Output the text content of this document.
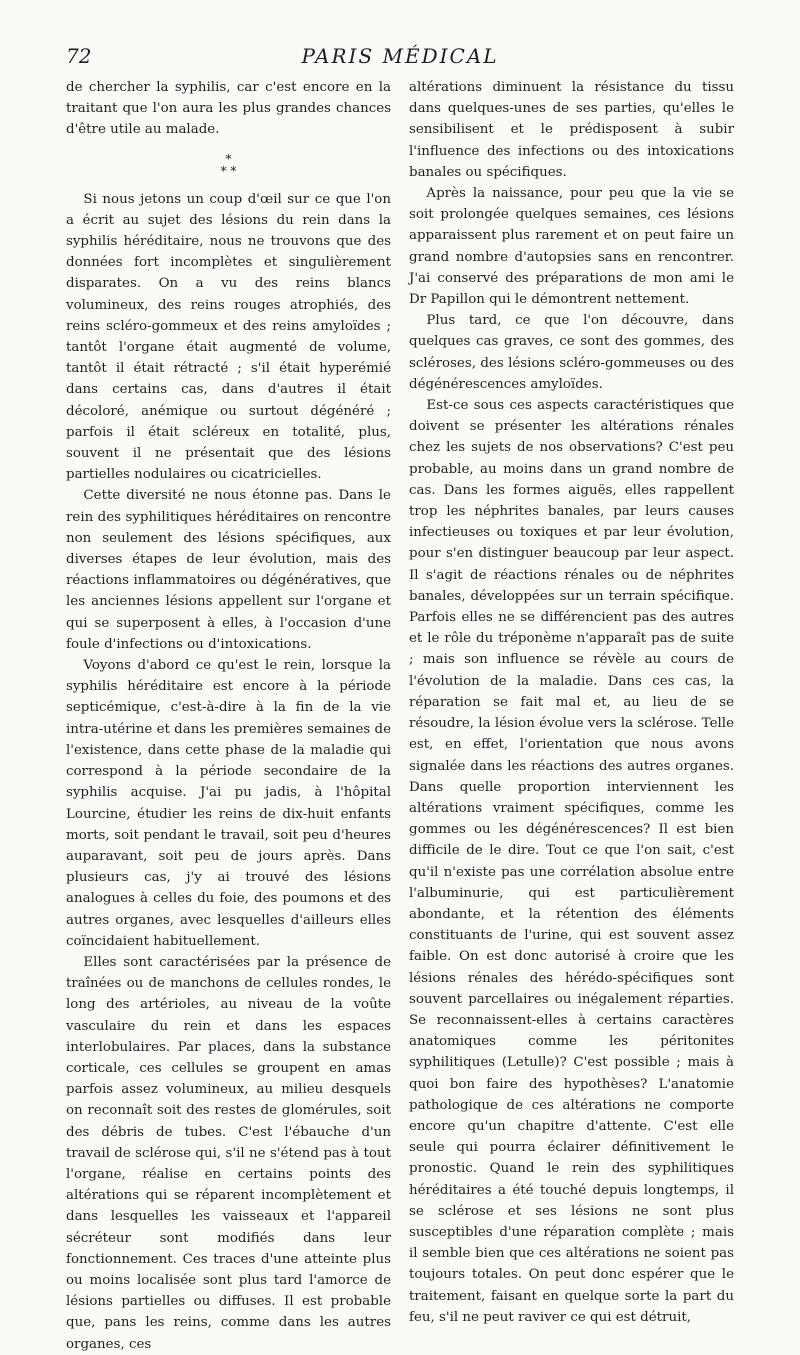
72	PARIS MÉDICAL

de chercher la syphilis, car c'est encore en la traitant que l'on aura les plus grandes chances d'être utile au malade.

*
* *

Si nous jetons un coup d'œil sur ce que l'on a écrit au sujet des lésions du rein dans la syphilis héréditaire, nous ne trouvons que des données fort incomplètes et singulièrement disparates. On a vu des reins blancs volumineux, des reins rouges atrophiés, des reins scléro-gommeux et des reins amyloïdes ; tantôt l'organe était augmenté de volume, tantôt il était rétracté ; s'il était hyperémié dans certains cas, dans d'autres il était décoloré, anémique ou surtout dégénéré ; parfois il était scléreux en totalité, plus, souvent il ne présentait que des lésions partielles nodulaires ou cicatricielles.

Cette diversité ne nous étonne pas. Dans le rein des syphilitiques héréditaires on rencontre non seulement des lésions spécifiques, aux diverses étapes de leur évolution, mais des réactions inflammatoires ou dégénératives, que les anciennes lésions appellent sur l'organe et qui se superposent à elles, à l'occasion d'une foule d'infections ou d'intoxications.

Voyons d'abord ce qu'est le rein, lorsque la syphilis héréditaire est encore à la période septicémique, c'est-à-dire à la fin de la vie intra-utérine et dans les premières semaines de l'existence, dans cette phase de la maladie qui correspond à la période secondaire de la syphilis acquise. J'ai pu jadis, à l'hôpital Lourcine, étudier les reins de dix-huit enfants morts, soit pendant le travail, soit peu d'heures auparavant, soit peu de jours après. Dans plusieurs cas, j'y ai trouvé des lésions analogues à celles du foie, des poumons et des autres organes, avec lesquelles d'ailleurs elles coïncidaient habituellement.

Elles sont caractérisées par la présence de traînées ou de manchons de cellules rondes, le long des artérioles, au niveau de la voûte vasculaire du rein et dans les espaces interlobulaires. Par places, dans la substance corticale, ces cellules se groupent en amas parfois assez volumineux, au milieu desquels on reconnaît soit des restes de glomérules, soit des débris de tubes. C'est l'ébauche d'un travail de sclérose qui, s'il ne s'étend pas à tout l'organe, réalise en certains points des altérations qui se réparent incomplètement et dans lesquelles les vaisseaux et l'appareil sécréteur sont modifiés dans leur fonctionnement. Ces traces d'une atteinte plus ou moins localisée sont plus tard l'amorce de lésions partielles ou diffuses. Il est probable que, pans les reins, comme dans les autres organes, ces

altérations diminuent la résistance du tissu dans quelques-unes de ses parties, qu'elles le sensibilisent et le prédisposent à subir l'influence des infections ou des intoxications banales ou spécifiques.

Après la naissance, pour peu que la vie se soit prolongée quelques semaines, ces lésions apparaissent plus rarement et on peut faire un grand nombre d'autopsies sans en rencontrer. J'ai conservé des préparations de mon ami le Dr Papillon qui le démontrent nettement.

Plus tard, ce que l'on découvre, dans quelques cas graves, ce sont des gommes, des scléroses, des lésions scléro-gommeuses ou des dégénérescences amyloïdes.

Est-ce sous ces aspects caractéristiques que doivent se présenter les altérations rénales chez les sujets de nos observations? C'est peu probable, au moins dans un grand nombre de cas. Dans les formes aiguës, elles rappellent trop les néphrites banales, par leurs causes infectieuses ou toxiques et par leur évolution, pour s'en distinguer beaucoup par leur aspect. Il s'agit de réactions rénales ou de néphrites banales, développées sur un terrain spécifique. Parfois elles ne se différencient pas des autres et le rôle du tréponème n'apparaît pas de suite ; mais son influence se révèle au cours de l'évolution de la maladie. Dans ces cas, la réparation se fait mal et, au lieu de se résoudre, la lésion évolue vers la sclérose. Telle est, en effet, l'orientation que nous avons signalée dans les réactions des autres organes. Dans quelle proportion interviennent les altérations vraiment spécifiques, comme les gommes ou les dégénérescences? Il est bien difficile de le dire. Tout ce que l'on sait, c'est qu'il n'existe pas une corrélation absolue entre l'albuminurie, qui est particulièrement abondante, et la rétention des éléments constituants de l'urine, qui est souvent assez faible. On est donc autorisé à croire que les lésions rénales des hérédo-spécifiques sont souvent parcellaires ou inégalement réparties. Se reconnaissent-elles à certains caractères anatomiques comme les péritonites syphilitiques (Letulle)? C'est possible ; mais à quoi bon faire des hypothèses? L'anatomie pathologique de ces altérations ne comporte encore qu'un chapitre d'attente. C'est elle seule qui pourra éclairer définitivement le pronostic. Quand le rein des syphilitiques héréditaires a été touché depuis longtemps, il se sclérose et ses lésions ne sont plus susceptibles d'une réparation complète ; mais il semble bien que ces altérations ne soient pas toujours totales. On peut donc espérer que le traitement, faisant en quelque sorte la part du feu, s'il ne peut raviver ce qui est détruit,
